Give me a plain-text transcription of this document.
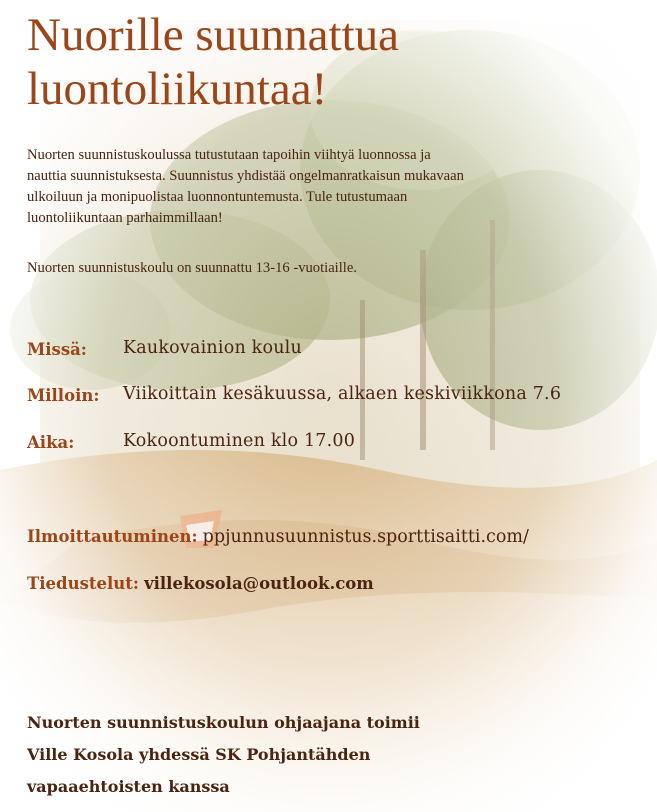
Nuorille suunnattua
luontoliikuntaa!

Nuorten suunnistuskoulussa tutustutaan tapoihin viihtyä luonnossa ja
nauttia suunnistuksesta. Suunnistus yhdistää ongelmanratkaisun mukavaan
ulkoiluun ja monipuolistaa luonnontuntemusta. Tule tutustumaan
luontoliikuntaan parhaimmillaan!

Nuorten suunnistuskoulu on suunnattu 13-16 -vuotiaille.

Missä: Kaukovainion koulu
Milloin: Viikoittain kesäkuussa, alkaen keskiviikkona 7.6
Aika:	Kokoontuminen klo 17.00
Ilmoittautuminen: ppjunnusuunnistus.sporttisaitti.com/
Tiedustelut: villekosola@outlook.com

Nuorten suunnistuskoulun ohjaajana toimii
Ville Kosola yhdessä SK Pohjantähden
vapaaehtoisten kanssa
